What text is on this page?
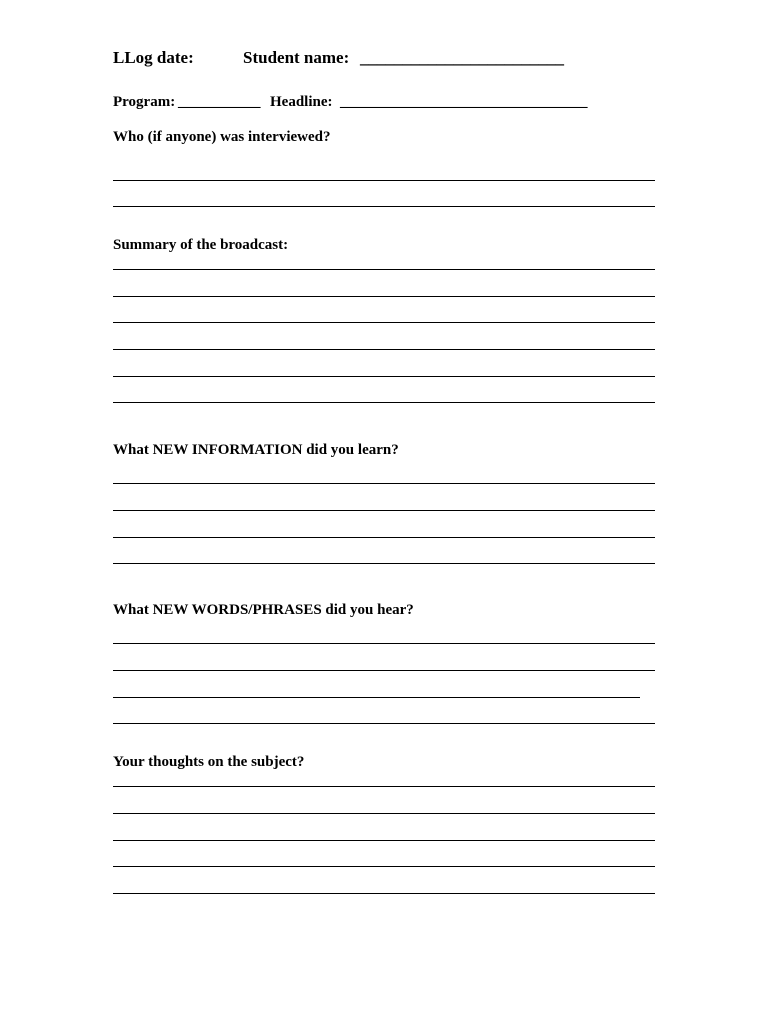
LLog date:	Student name: ________________________
Program: ___________ Headline: _________________________________
Who (if anyone) was interviewed?
Summary of the broadcast:
What NEW INFORMATION did you learn?
What NEW WORDS/PHRASES did you hear?
Your thoughts on the subject?
